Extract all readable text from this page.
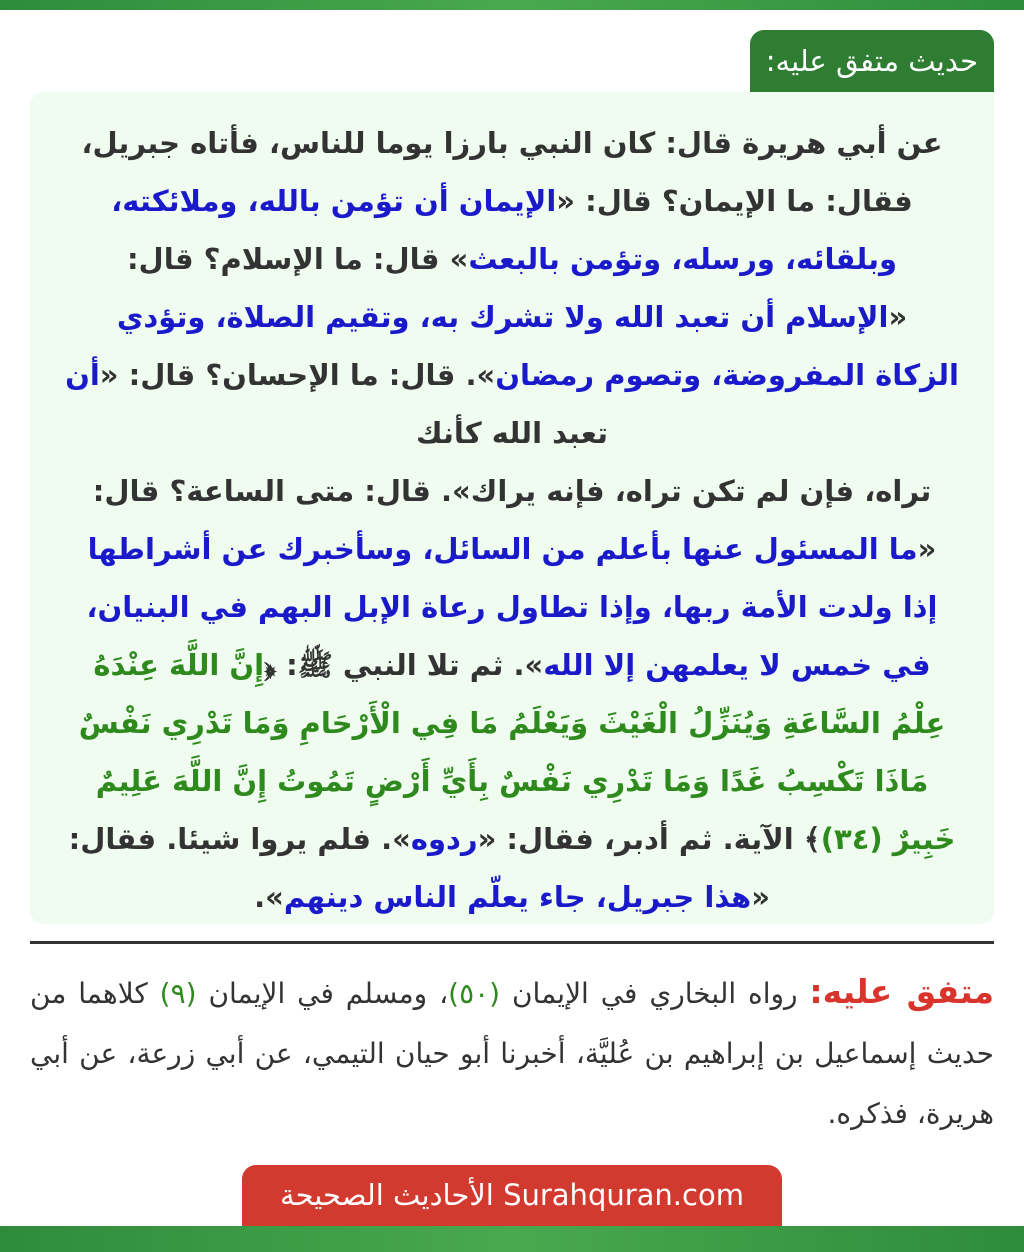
حديث متفق عليه:
عن أبي هريرة قال: كان النبي بارزا يوما للناس، فأتاه جبريل،
فقال: ما الإيمان؟ قال: «الإيمان أن تؤمن بالله، وملائكته،
وبلقائه، ورسله، وتؤمن بالبعث» قال: ما الإسلام؟ قال:
«الإسلام أن تعبد الله ولا تشرك به، وتقيم الصلاة، وتؤدي
الزكاة المفروضة، وتصوم رمضان». قال: ما الإحسان؟ قال: «أن
تعبد الله كأنك
تراه، فإن لم تكن تراه، فإنه يراك». قال: متى الساعة؟ قال:
«ما المسئول عنها بأعلم من السائل، وسأخبرك عن أشراطها
إذا ولدت الأمة ربها، وإذا تطاول رعاة الإبل البهم في البنيان،
في خمس لا يعلمهن إلا الله». ثم تلا النبي ﷺ: ﴿إِنَّ اللَّهَ عِنْدَهُ
عِلْمُ السَّاعَةِ وَيُنَزِّلُ الْغَيْثَ وَيَعْلَمُ مَا فِي الْأَرْحَامِ وَمَا تَدْرِي نَفْسٌ
مَاذَا تَكْسِبُ غَدًا وَمَا تَدْرِي نَفْسٌ بِأَيِّ أَرْضٍ تَمُوتُ إِنَّ اللَّهَ عَلِيمٌ
خَبِيرٌ (٣٤)﴾ الآية. ثم أدبر، فقال: «ردوه». فلم يروا شيئا. فقال:
«هذا جبريل، جاء يعلّم الناس دينهم».
متفق عليه: رواه البخاري في الإيمان (٥٠)، ومسلم في الإيمان (٩) كلاهما من حديث إسماعيل بن إبراهيم بن عُليَّة، أخبرنا أبو حيان التيمي، عن أبي زرعة، عن أبي هريرة، فذكره.
الأحاديث الصحيحة Surahquran.com
